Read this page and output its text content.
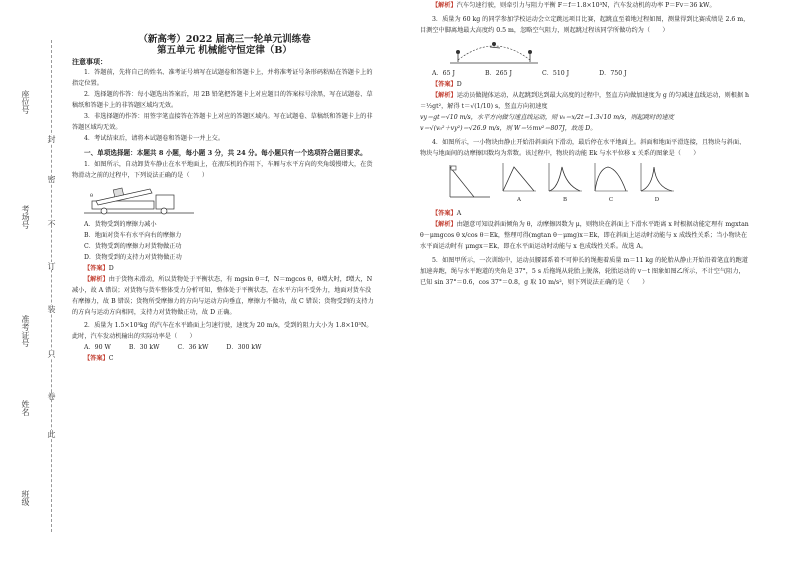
座位号
考场号
准考证号
姓名
班级
封
密
不
订
装
只
卷
此

（新高考）2022 届高三一轮单元训练卷

第五单元 机械能守恒定律（B）

注意事项：

1．答题前，先将自己的姓名、准考证号填写在试题卷和答题卡上，并将准考证号条形码粘贴在答题卡上的指定位置。

2．选择题的作答：每小题选出答案后，用 2B 铅笔把答题卡上对应题目的答案标号涂黑，写在试题卷、草稿纸和答题卡上的非答题区域均无效。

3．非选择题的作答：用签字笔直接答在答题卡上对应的答题区域内。写在试题卷、草稿纸和答题卡上的非答题区域均无效。

4．考试结束后，请将本试题卷和答题卡一并上交。

一、单项选择题：本题共 8 小题，每小题 3 分，共 24 分。每小题只有一个选项符合题目要求。

1．如图所示，自动卸货车静止在水平地面上，在液压机的作用下，车厢与水平方向的夹角缓慢增大，在货物滑动之前的过程中，下列说法正确的是（　　）

θ

A．货物受到的摩擦力减小

B．地面对货车有水平向右的摩擦力

C．货物受到的摩擦力对货物做正功

D．货物受到的支持力对货物做正功

【答案】D

【解析】由于货物未滑动，所以货物处于平衡状态，有 mgsin θ＝f，N＝mgcos θ，θ增大时，f增大，N减小，故 A 错误；对货物与货车整体受力分析可知，整体处于平衡状态，在水平方向不受外力，地面对货车没有摩擦力，故 B 错误；货物所受摩擦力的方向与运动方向垂直，摩擦力不做功，故 C 错误；货物受到的支持力的方向与运动方向相同，支持力对货物做正功，故 D 正确。

2．质量为 1.5×10³kg 的汽车在水平路面上匀速行驶，速度为 20 m/s，受到的阻力大小为 1.8×10³N。此时，汽车发动机输出的实际功率是（　　）

A．90 W	B．30 kW	C．36 kW	D．300 kW

【答案】C

【解析】汽车匀速行驶，则牵引力与阻力平衡 F＝f＝1.8×10³N，汽车发动机的功率 P＝Fv＝36 kW。

3．质量为 60 kg 的同学参加学校运动会立定跳远项目比赛，起跳直至着地过程如图，测量得到比赛成绩是 2.6 m，目测空中脚离地最大高度约 0.5 m，忽略空气阻力，则起跳过程该同学所做功约为（　　）

A．65 J	B．265 J	C．510 J	D．750 J

【答案】D

【解析】运动员做抛体运动，从起跳到达到最大高度的过程中，竖直方向做加速度为 g 的匀减速直线运动，则根据 h＝½gt²，解得 t＝√(1/10) s，竖直方向初速度

vy＝gt＝√10 m/s，水平方向做匀速直线运动，则 v₀＝x/2t＝1.3√10 m/s，则起跳时的速度

v＝√(v₀²＋vy²)＝√26.9 m/s，则 W＝½mv²＝807J，故选 D。

4．如图所示，一小物块由静止开始沿斜面向下滑动，最后停在水平地面上。斜面和地面平滑连接，且物块与斜面、物块与地面间的动摩擦因数均为常数。该过程中，物块的动能 Ek 与水平位移 x 关系的图象是（　　）

A	B	C	D

【答案】A

【解析】由题意可知设斜面倾角为 θ，动摩擦因数为 μ，则物块在斜面上下滑水平距离 x 时根据动能定理有 mgxtan θ－μmgcos θ x/cos θ＝Ek，整理可得(mgtan θ－μmg)x＝Ek，即在斜面上运动时动能与 x 成线性关系；当小物块在水平面运动时有 μmgx＝Ek，即在水平面运动时动能与 x 也成线性关系。故选 A。

5．如图甲所示，一次训练中，运动员腰部系着不可伸长的绳拖着质量 m＝11 kg 的轮胎从静止开始沿着笔直的跑道加速奔跑，绳与水平跑道的夹角是 37°，5 s 后拖绳从轮胎上脱落，轮胎运动的 v－t 图象如图乙所示，不计空气阻力，已知 sin 37°＝0.6，cos 37°＝0.8，g 取 10 m/s²，则下列说法正确的是（　　）
